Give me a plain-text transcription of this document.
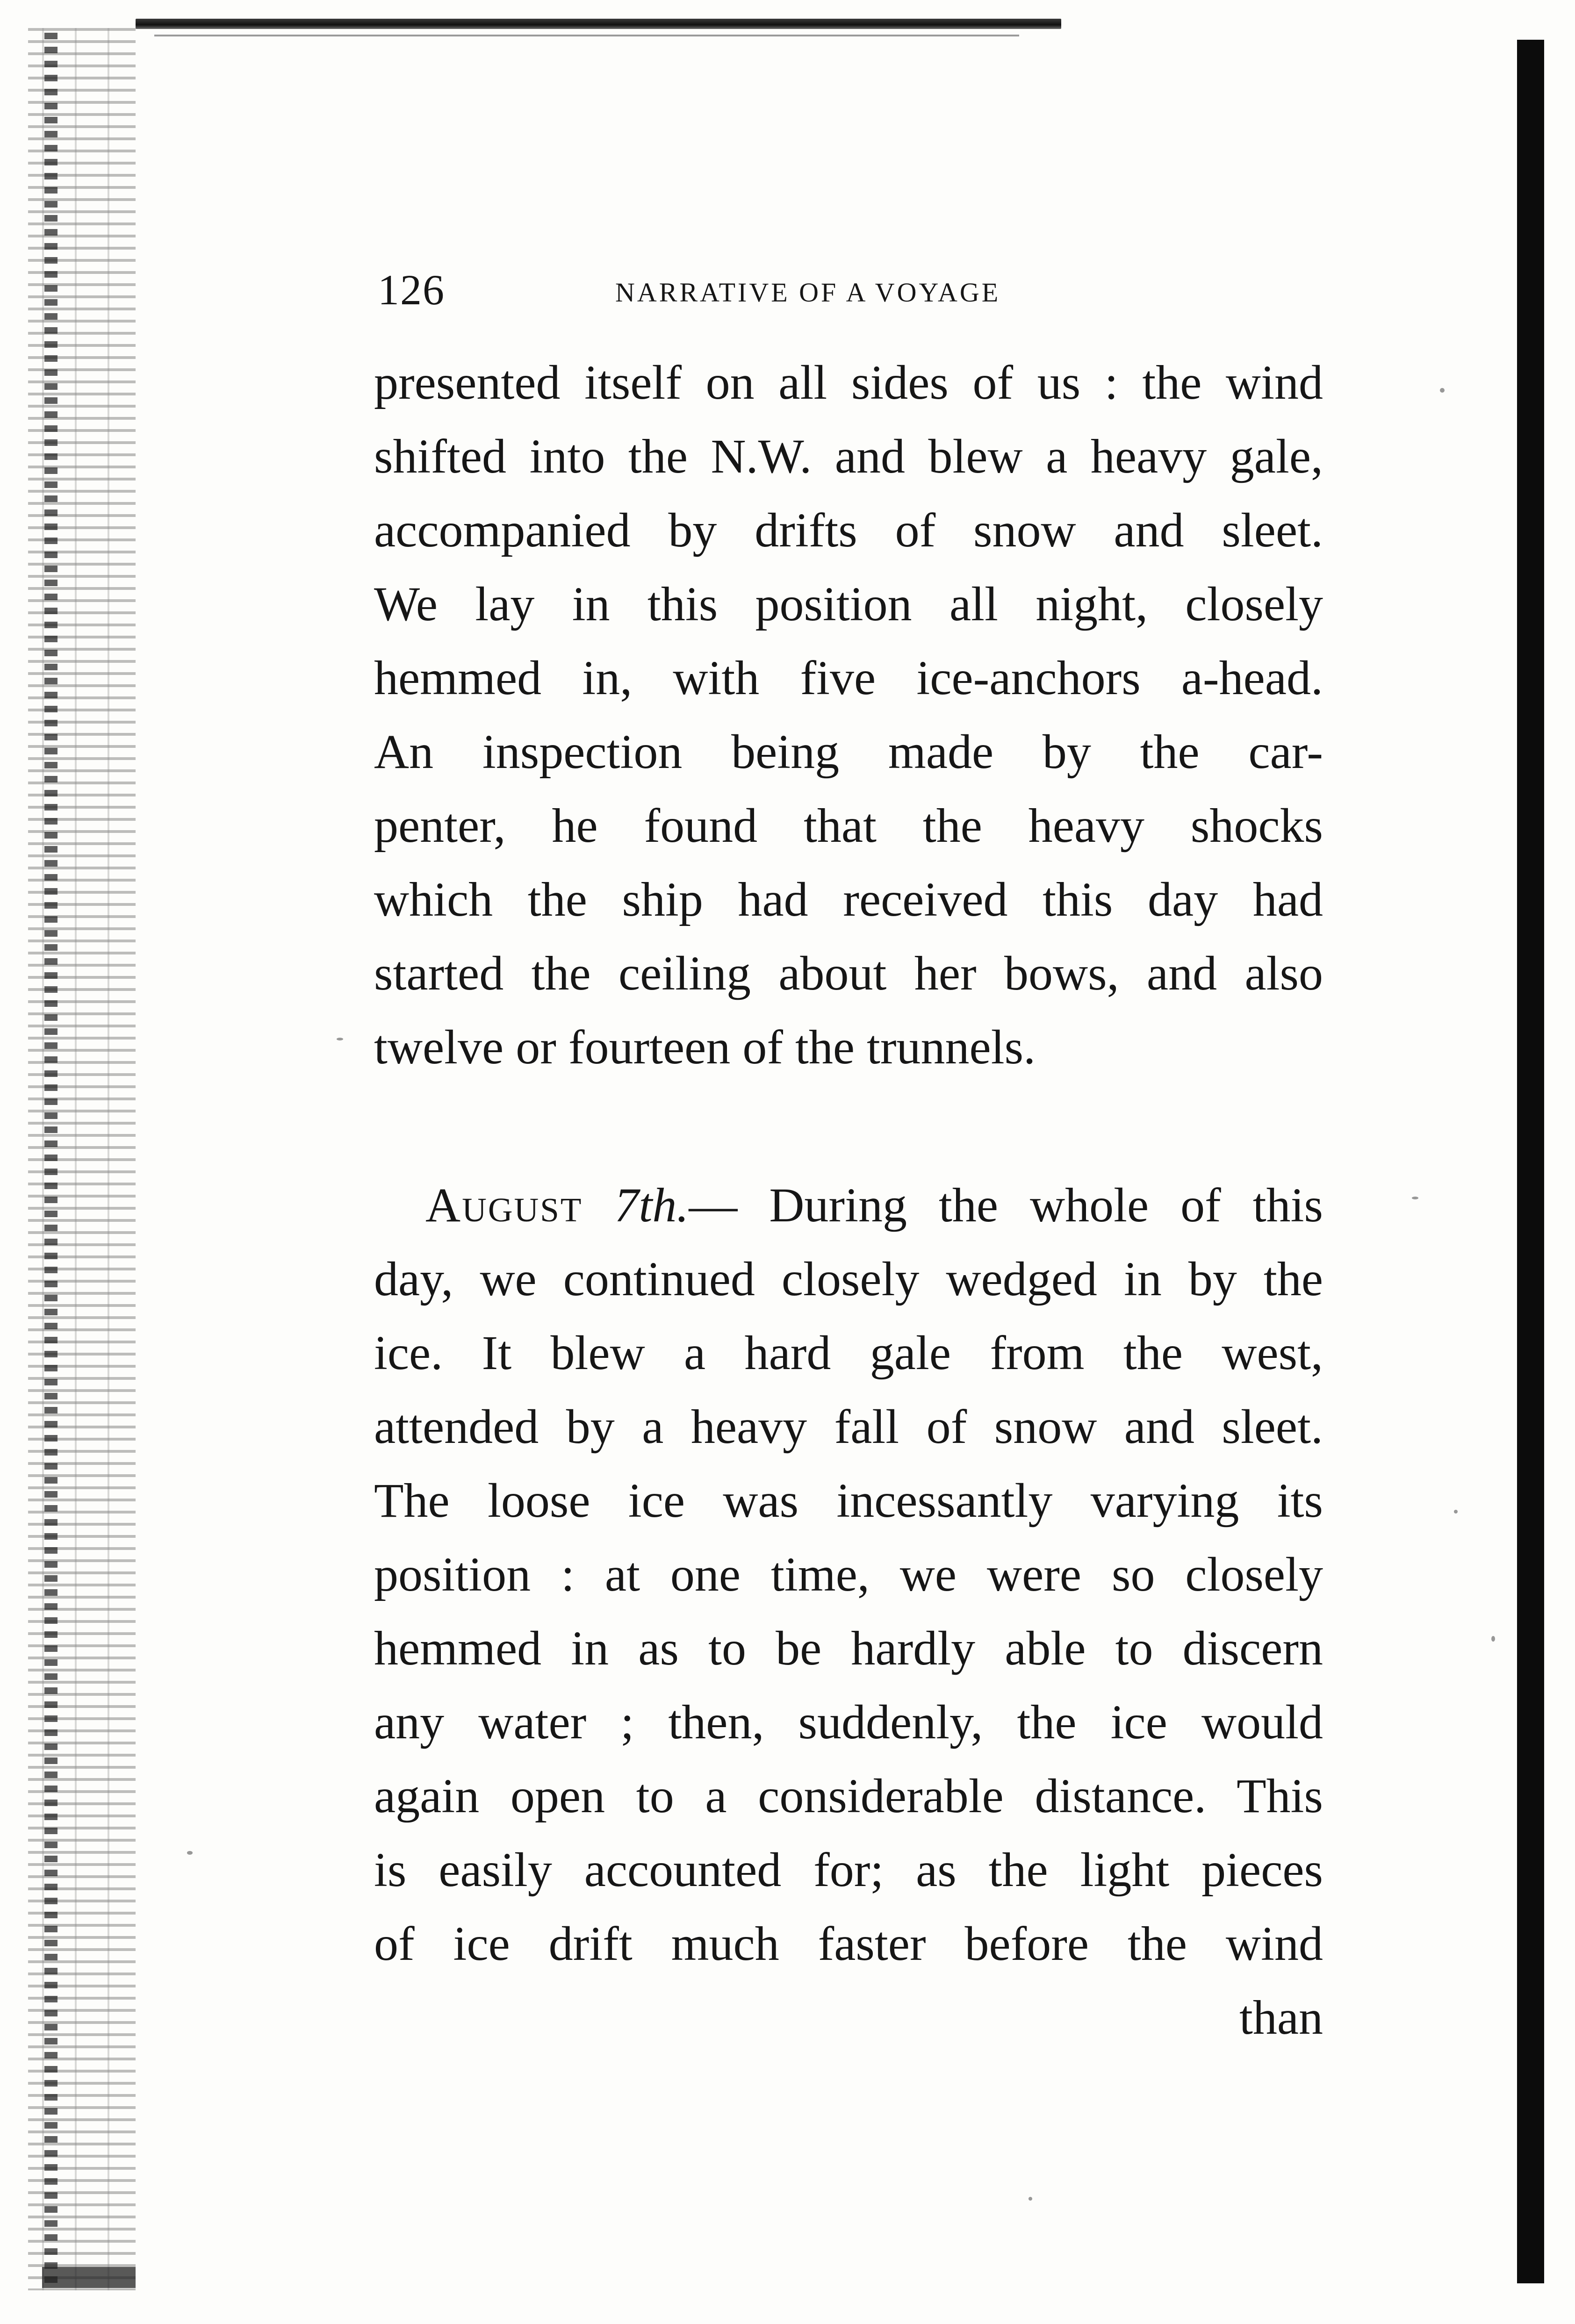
126	NARRATIVE OF A VOYAGE
presented itself on all sides of us : the wind
shifted into the N.W. and blew a heavy gale,
accompanied by drifts of snow and sleet.
We lay in this position all night, closely
hemmed in, with five ice-anchors a-head.
An inspection being made by the car-
penter, he found that the heavy shocks
which the ship had received this day had
started the ceiling about her bows, and also
twelve or fourteen of the trunnels.
August 7th.— During the whole of this
day, we continued closely wedged in by the
ice. It blew a hard gale from the west,
attended by a heavy fall of snow and sleet.
The loose ice was incessantly varying its
position : at one time, we were so closely
hemmed in as to be hardly able to discern
any water ; then, suddenly, the ice would
again open to a considerable distance. This
is easily accounted for; as the light pieces
of ice drift much faster before the wind
than
